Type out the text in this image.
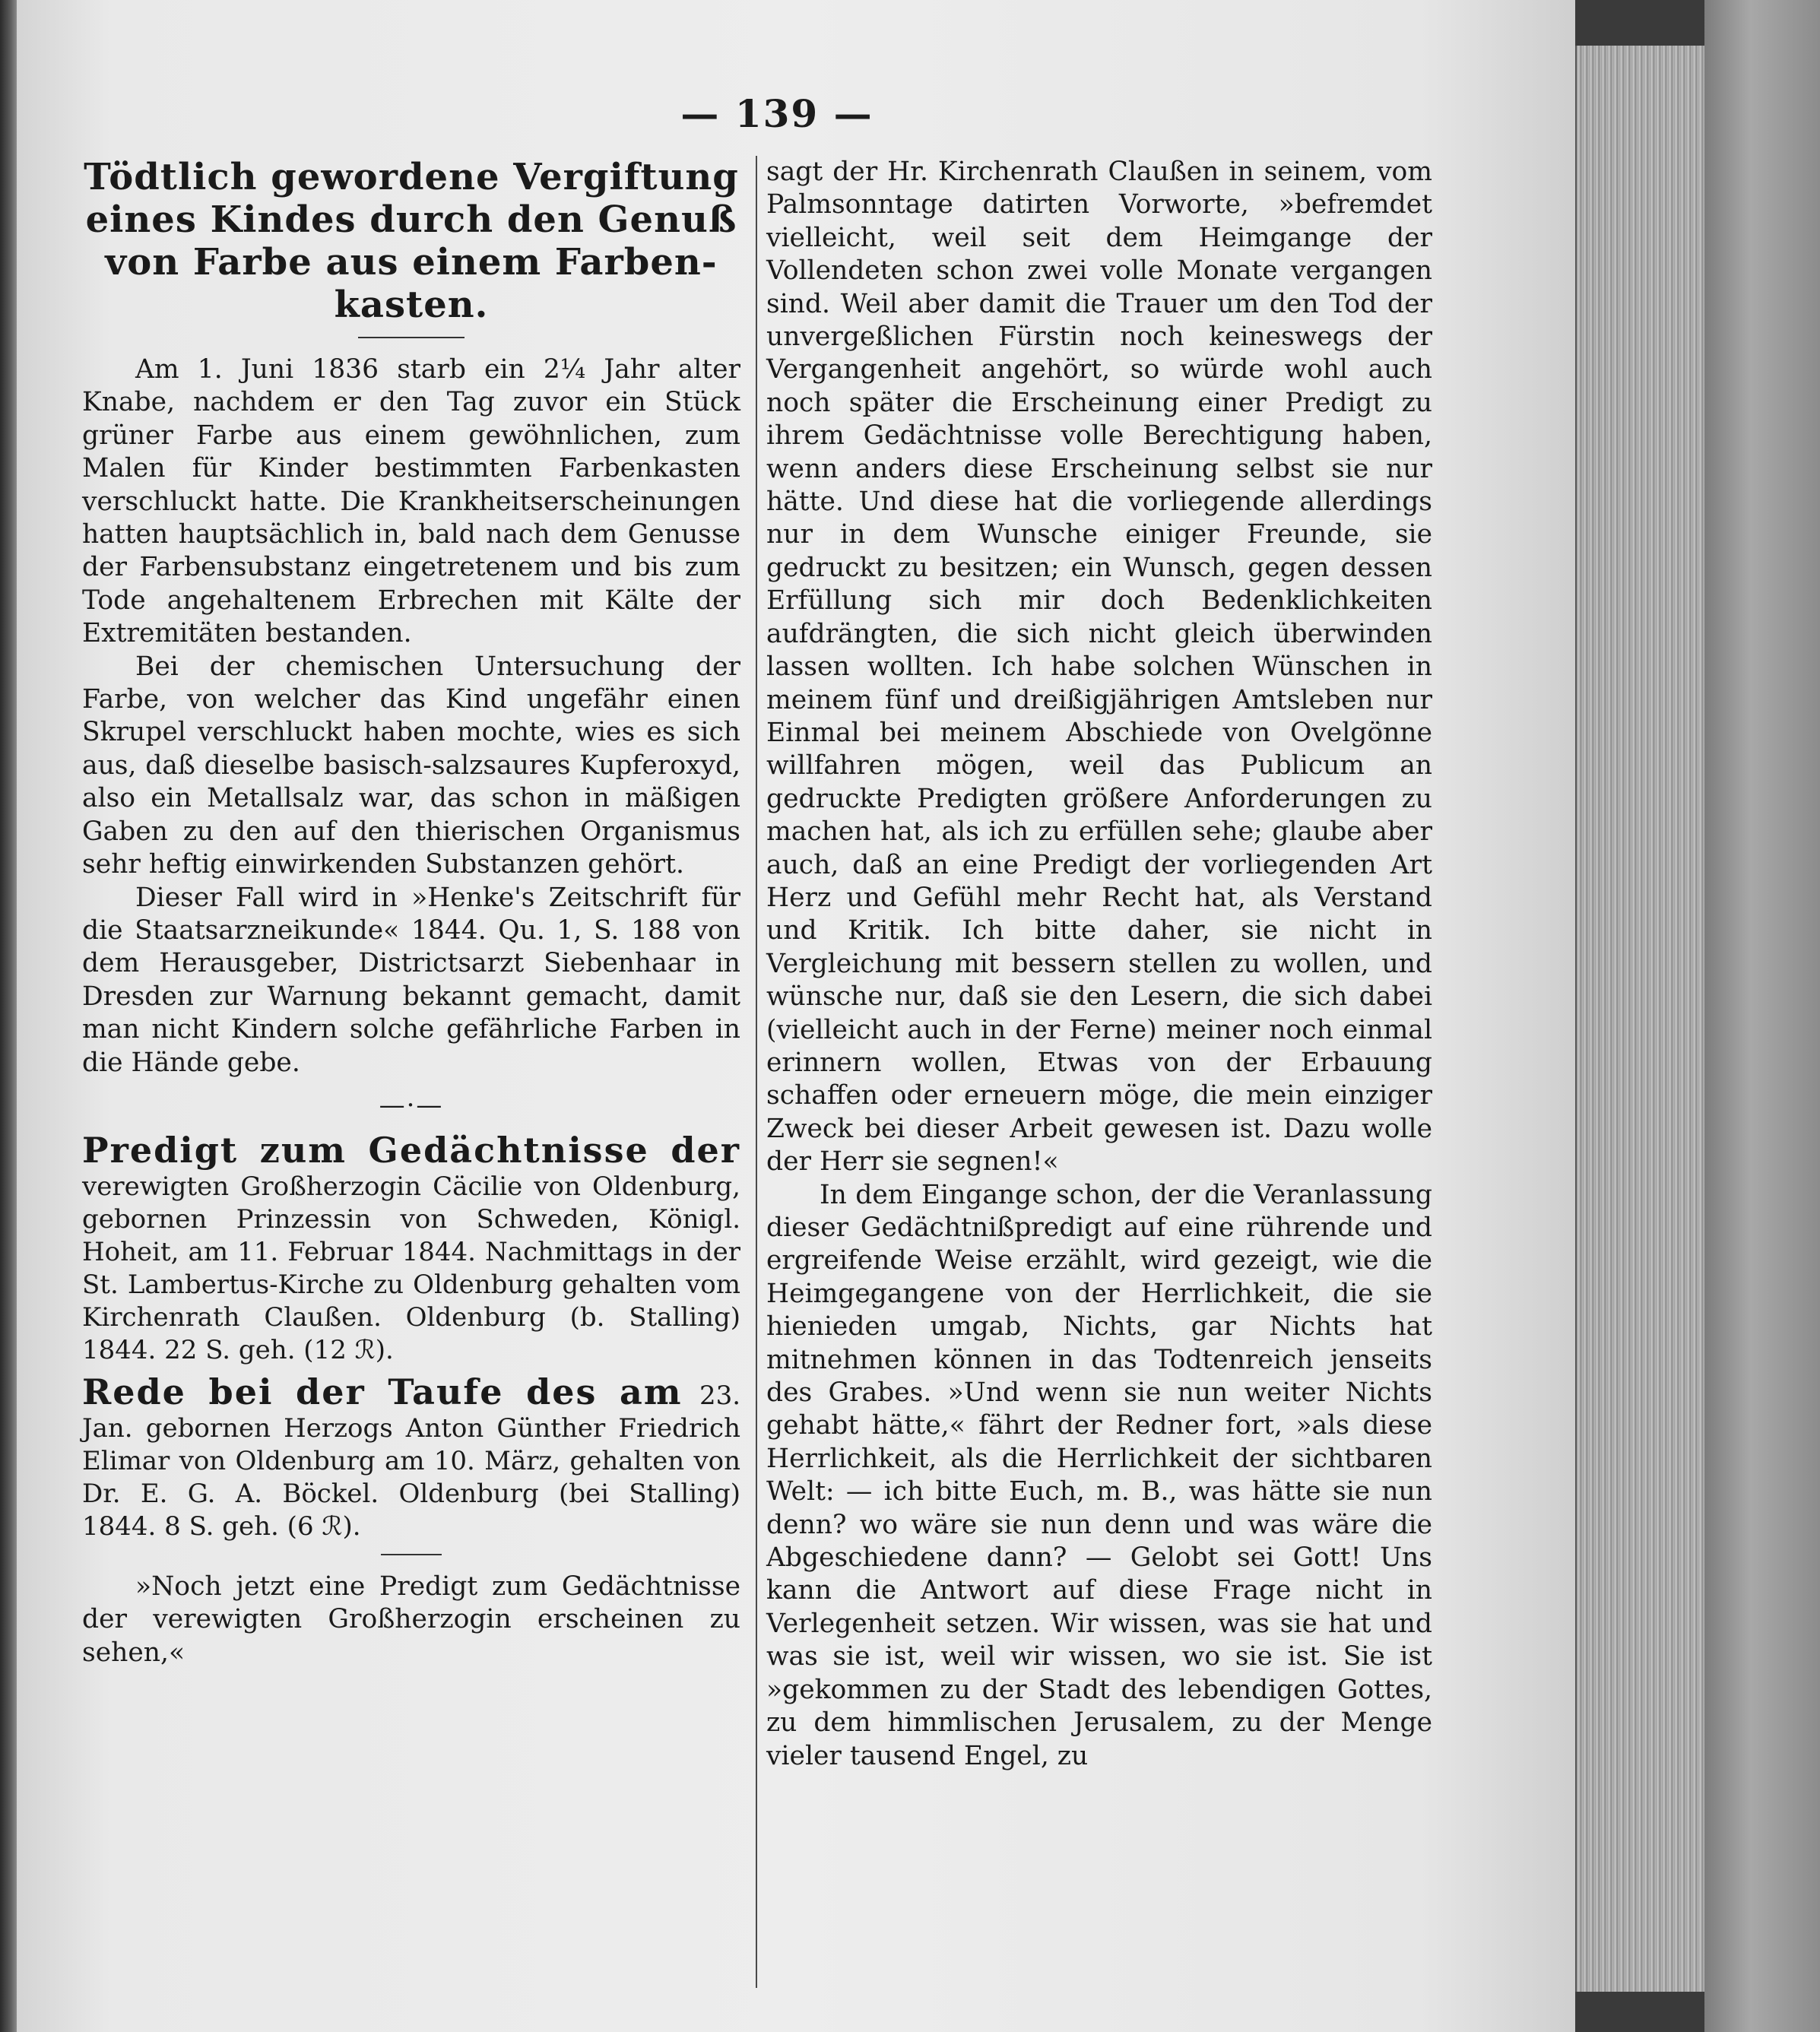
— 139 —
Tödtlich gewordene Vergiftung eines Kindes durch den Genuß von Farbe aus einem Farben-kasten.

Am 1. Juni 1836 starb ein 2¼ Jahr alter Knabe, nachdem er den Tag zuvor ein Stück grüner Farbe aus einem gewöhnlichen, zum Malen für Kinder bestimmten Farbenkasten verschluckt hatte. Die Krankheitserscheinungen hatten hauptsächlich in, bald nach dem Genusse der Farbensubstanz eingetretenem und bis zum Tode angehaltenem Erbrechen mit Kälte der Extremitäten bestanden.

Bei der chemischen Untersuchung der Farbe, von welcher das Kind ungefähr einen Skrupel verschluckt haben mochte, wies es sich aus, daß dieselbe basisch-salzsaures Kupferoxyd, also ein Metallsalz war, das schon in mäßigen Gaben zu den auf den thierischen Organismus sehr heftig einwirkenden Substanzen gehört.

Dieser Fall wird in »Henke's Zeitschrift für die Staatsarzneikunde« 1844. Qu. 1, S. 188 von dem Herausgeber, Districtsarzt Siebenhaar in Dresden zur Warnung bekannt gemacht, damit man nicht Kindern solche gefährliche Farben in die Hände gebe.

—·—

Predigt zum Gedächtnisse der verewigten Großherzogin Cäcilie von Oldenburg, gebornen Prinzessin von Schweden, Königl. Hoheit, am 11. Februar 1844. Nachmittags in der St. Lambertus-Kirche zu Oldenburg gehalten vom Kirchenrath Claußen. Oldenburg (b. Stalling) 1844. 22 S. geh. (12 ℛ).

Rede bei der Taufe des am 23. Jan. gebornen Herzogs Anton Günther Friedrich Elimar von Oldenburg am 10. März, gehalten von Dr. E. G. A. Böckel. Oldenburg (bei Stalling) 1844. 8 S. geh. (6 ℛ).

»Noch jetzt eine Predigt zum Gedächtnisse der verewigten Großherzogin erscheinen zu sehen,«

sagt der Hr. Kirchenrath Claußen in seinem, vom Palmsonntage datirten Vorworte, »befremdet vielleicht, weil seit dem Heimgange der Vollendeten schon zwei volle Monate vergangen sind. Weil aber damit die Trauer um den Tod der unvergeßlichen Fürstin noch keineswegs der Vergangenheit angehört, so würde wohl auch noch später die Erscheinung einer Predigt zu ihrem Gedächtnisse volle Berechtigung haben, wenn anders diese Erscheinung selbst sie nur hätte. Und diese hat die vorliegende allerdings nur in dem Wunsche einiger Freunde, sie gedruckt zu besitzen; ein Wunsch, gegen dessen Erfüllung sich mir doch Bedenklichkeiten aufdrängten, die sich nicht gleich überwinden lassen wollten. Ich habe solchen Wünschen in meinem fünf und dreißigjährigen Amtsleben nur Einmal bei meinem Abschiede von Ovelgönne willfahren mögen, weil das Publicum an gedruckte Predigten größere Anforderungen zu machen hat, als ich zu erfüllen sehe; glaube aber auch, daß an eine Predigt der vorliegenden Art Herz und Gefühl mehr Recht hat, als Verstand und Kritik. Ich bitte daher, sie nicht in Vergleichung mit bessern stellen zu wollen, und wünsche nur, daß sie den Lesern, die sich dabei (vielleicht auch in der Ferne) meiner noch einmal erinnern wollen, Etwas von der Erbauung schaffen oder erneuern möge, die mein einziger Zweck bei dieser Arbeit gewesen ist. Dazu wolle der Herr sie segnen!«

In dem Eingange schon, der die Veranlassung dieser Gedächtnißpredigt auf eine rührende und ergreifende Weise erzählt, wird gezeigt, wie die Heimgegangene von der Herrlichkeit, die sie hienieden umgab, Nichts, gar Nichts hat mitnehmen können in das Todtenreich jenseits des Grabes. »Und wenn sie nun weiter Nichts gehabt hätte,« fährt der Redner fort, »als diese Herrlichkeit, als die Herrlichkeit der sichtbaren Welt: — ich bitte Euch, m. B., was hätte sie nun denn? wo wäre sie nun denn und was wäre die Abgeschiedene dann? — Gelobt sei Gott! Uns kann die Antwort auf diese Frage nicht in Verlegenheit setzen. Wir wissen, was sie hat und was sie ist, weil wir wissen, wo sie ist. Sie ist »gekommen zu der Stadt des lebendigen Gottes, zu dem himmlischen Jerusalem, zu der Menge vieler tausend Engel, zu
